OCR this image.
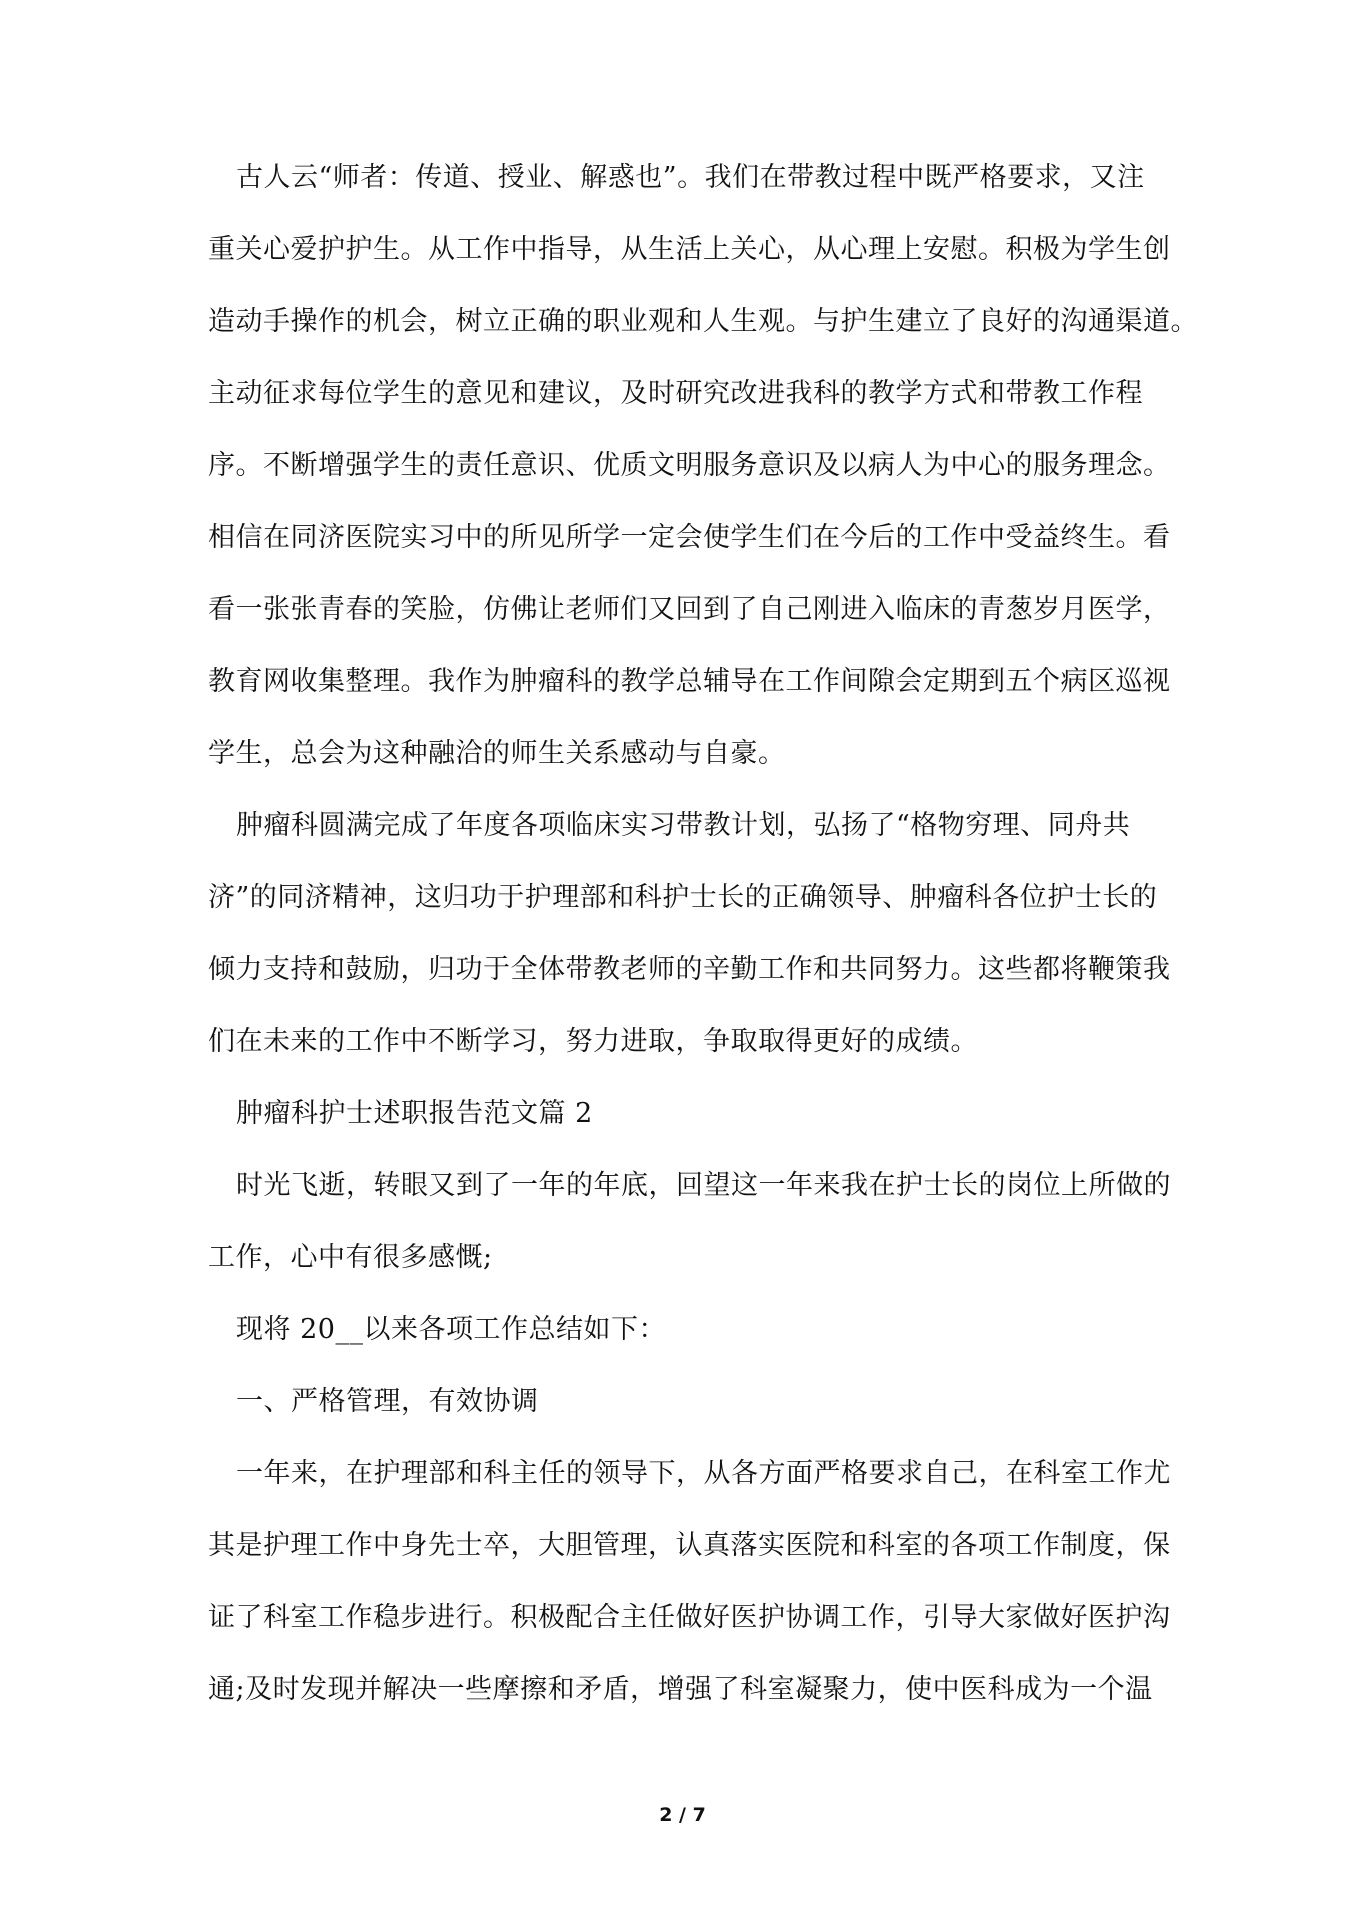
古人云“师者：传道、授业、解惑也”。我们在带教过程中既严格要求，又注
重关心爱护护生。从工作中指导，从生活上关心，从心理上安慰。积极为学生创
造动手操作的机会，树立正确的职业观和人生观。与护生建立了良好的沟通渠道。
主动征求每位学生的意见和建议，及时研究改进我科的教学方式和带教工作程
序。不断增强学生的责任意识、优质文明服务意识及以病人为中心的服务理念。
相信在同济医院实习中的所见所学一定会使学生们在今后的工作中受益终生。看
看一张张青春的笑脸，仿佛让老师们又回到了自己刚进入临床的青葱岁月医学，
教育网收集整理。我作为肿瘤科的教学总辅导在工作间隙会定期到五个病区巡视
学生，总会为这种融洽的师生关系感动与自豪。
肿瘤科圆满完成了年度各项临床实习带教计划，弘扬了“格物穷理、同舟共
济”的同济精神，这归功于护理部和科护士长的正确领导、肿瘤科各位护士长的
倾力支持和鼓励，归功于全体带教老师的辛勤工作和共同努力。这些都将鞭策我
们在未来的工作中不断学习，努力进取，争取取得更好的成绩。
肿瘤科护士述职报告范文篇 2
时光飞逝，转眼又到了一年的年底，回望这一年来我在护士长的岗位上所做的
工作，心中有很多感慨;
现将 20__以来各项工作总结如下：
一、严格管理，有效协调
一年来，在护理部和科主任的领导下，从各方面严格要求自己，在科室工作尤
其是护理工作中身先士卒，大胆管理，认真落实医院和科室的各项工作制度，保
证了科室工作稳步进行。积极配合主任做好医护协调工作，引导大家做好医护沟
通;及时发现并解决一些摩擦和矛盾，增强了科室凝聚力，使中医科成为一个温
2 / 7
